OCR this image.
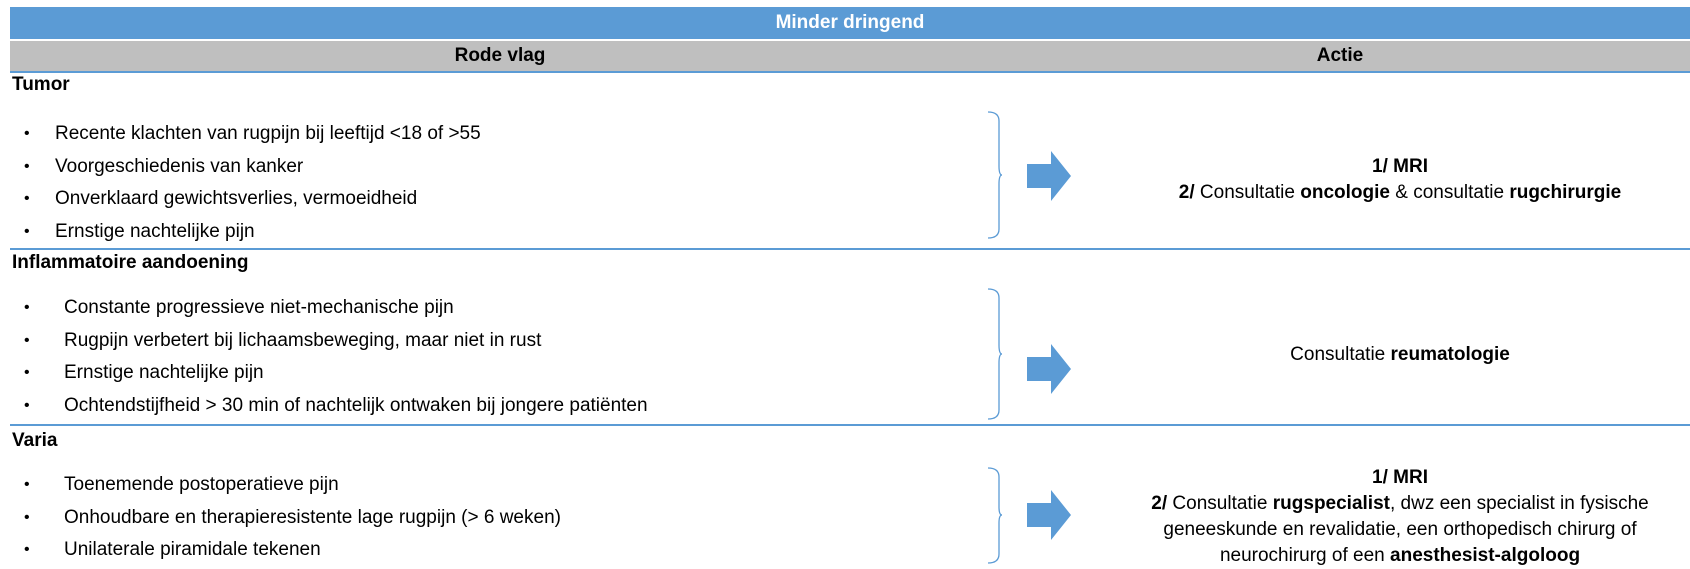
Minder dringend
Rode vlag	Actie
Tumor
• Recente klachten van rugpijn bij leeftijd <18 of >55
• Voorgeschiedenis van kanker
• Onverklaard gewichtsverlies, vermoeidheid
• Ernstige nachtelijke pijn
1/ MRI
2/ Consultatie oncologie & consultatie rugchirurgie
Inflammatoire aandoening
• Constante progressieve niet-mechanische pijn
• Rugpijn verbetert bij lichaamsbeweging, maar niet in rust
• Ernstige nachtelijke pijn
• Ochtendstijfheid > 30 min of nachtelijk ontwaken bij jongere patiënten
Consultatie reumatologie
Varia
• Toenemende postoperatieve pijn
• Onhoudbare en therapieresistente lage rugpijn (> 6 weken)
• Unilaterale piramidale tekenen
1/ MRI
2/ Consultatie rugspecialist, dwz een specialist in fysische geneeskunde en revalidatie, een orthopedisch chirurg of neurochirurg of een anesthesist-algoloog
